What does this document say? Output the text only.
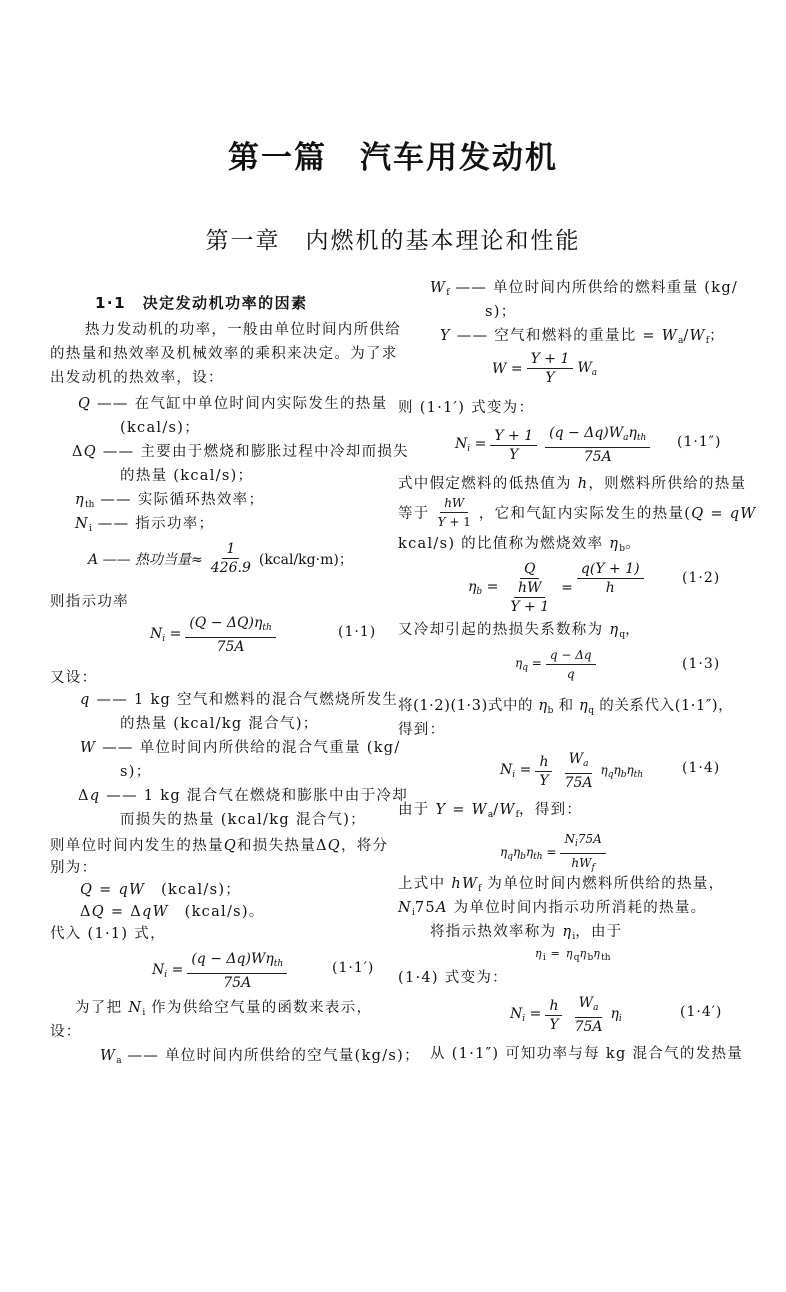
第一篇　汽车用发动机
第一章　内燃机的基本理论和性能
1·1　决定发动机功率的因素
热力发动机的功率，一般由单位时间内所供给
的热量和热效率及机械效率的乘积来决定。为了求
出发动机的热效率，设：
Q —— 在气缸中单位时间内实际发生的热量
(kcal/s)；
ΔQ —— 主要由于燃烧和膨胀过程中冷却而损失
的热量 (kcal/s)；
$\eta_{th}$ —— 实际循环热效率；
$N_i$ —— 指示功率；
A —— 热功当量≈ $\frac{1}{426.9}$ (kcal/kg·m)；
则指示功率
$N_i = \frac{(Q - \Delta Q)\eta_{th}}{75A}$	(1·1)
又设：
q —— 1 kg 空气和燃料的混合气燃烧所发生
的热量 (kcal/kg 混合气)；
W —— 单位时间内所供给的混合气重量 (kg/
s)；
Δq —— 1 kg 混合气在燃烧和膨胀中由于冷却
而损失的热量 (kcal/kg 混合气)；
则单位时间内发生的热量Q和损失热量ΔQ，将分
别为：
Q = qW　(kcal/s)；
ΔQ = ΔqW　(kcal/s)。
代入 (1·1) 式，
$N_i = \frac{(q - \Delta q)W\eta_{th}}{75A}$	(1·1′)
为了把 $N_i$ 作为供给空气量的函数来表示，
设：
$W_a$ —— 单位时间内所供给的空气量(kg/s)；
$W_f$ —— 单位时间内所供给的燃料重量 (kg/
s)；
Y —— 空气和燃料的重量比 = $W_a/W_f$；
$W = \frac{Y + 1}{Y} W_a$
则 (1·1′) 式变为：
$N_i = \frac{Y + 1}{Y} \frac{(q - \Delta q)W_a\eta_{th}}{75A} (1\cdot 1'')$
式中假定燃料的低热值为 h，则燃料所供给的热量
等于 $\frac{hW}{Y + 1}$ ，它和气缸内实际发生的热量(Q = qW
kcal/s) 的比值称为燃烧效率 $\eta_b$。
$\eta_b = \frac{Q}{\frac{hW}{Y + 1}} = \frac{q(Y + 1)}{h}$	(1·2)
又冷却引起的热损失系数称为 $\eta_q$，
$\eta_q = \frac{q - \Delta q}{q}$	(1·3)
将(1·2)(1·3)式中的 $\eta_b$ 和 $\eta_q$ 的关系代入(1·1″)，
得到：
$N_i = \frac{h}{Y} \frac{W_a}{75A} \eta_q\eta_b\eta_{th}$	(1·4)
由于 $Y = W_a/W_f$，得到：
$\eta_q\eta_b\eta_{th} = \frac{N_i75A}{hW_f}$
上式中 $hW_f$ 为单位时间内燃料所供给的热量，
$N_i75A$ 为单位时间内指示功所消耗的热量。
将指示热效率称为 $\eta_i$，由于
$\eta_i = \eta_q\eta_b\eta_{th}$
(1·4) 式变为：
$N_i = \frac{h}{Y} \frac{W_a}{75A} \eta_i$	(1·4′)
从 (1·1″) 可知功率与每 kg 混合气的发热量
